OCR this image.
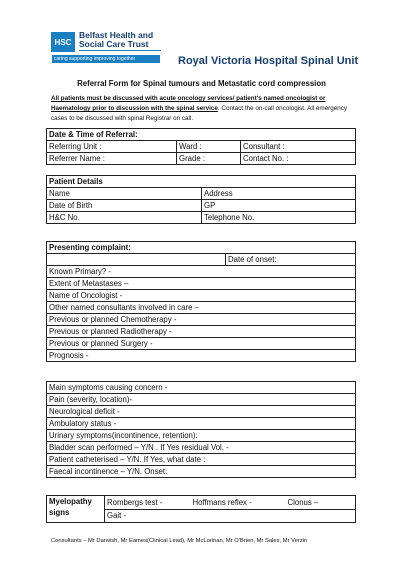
HSC
Belfast Health and
Social Care Trust
caring supporting improving together	Royal Victoria Hospital Spinal Unit
Referral Form for Spinal tumours and Metastatic cord compression
All patients must be discussed with acute oncology services/ patient's named oncologist or Haematology prior to discussion with the spinal service. Contact the on-call oncologist. All emergency cases to be discussed with spinal Registrar on call.
Date & Time of Referral:		
Referring Unit :	Ward :	Consultant :
Referrer Name :	Grade :	Contact No. :
Patient Details	
Name	Address
Date of Birth	GP
H&C No.	Telephone No.
Presenting complaint:
	Date of onset:
Known Primary? -
Extent of Metastases –
Name of Oncologist -
Other named consultants involved in care –
Previous or planned Chemotherapy -
Previous or planned Radiotherapy -
Previous or planned Surgery -
Prognosis -
Main symptoms causing concern -
Pain (severity, location)-
Neurological deficit -
Ambulatory status -
Urinary symptoms(incontinence, retention):
Bladder scan performed – Y/N . If Yes residual Vol. -
Patient catheterised – Y/N. If Yes, what date :
Faecal incontinence – Y/N. Onset:
Myelopathy
signs
	Rombergs test -	Hoffmans reflex -	Clonus –
Gait -
Consultants – Mr Darwish, Mr Eames(Clinical Lead), Mr McLorinan, Mr O'Brien, Mr Sales, Mr Verzin
